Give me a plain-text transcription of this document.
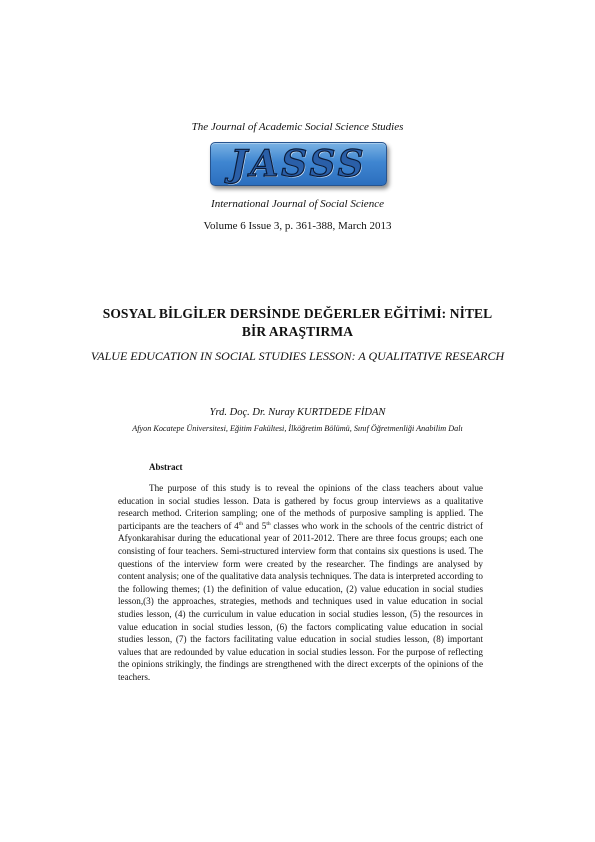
The Journal of Academic Social Science Studies
JASSS
International Journal of Social Science
Volume 6 Issue 3, p. 361-388, March 2013
SOSYAL BİLGİLER DERSİNDE DEĞERLER EĞİTİMİ: NİTEL BİR ARAŞTIRMA
VALUE EDUCATION IN SOCIAL STUDIES LESSON: A QUALITATIVE RESEARCH
Yrd. Doç. Dr. Nuray KURTDEDE FİDAN
Afyon Kocatepe Üniversitesi, Eğitim Fakültesi, İlköğretim Bölümü, Sınıf Öğretmenliği Anabilim Dalı
Abstract

The purpose of this study is to reveal the opinions of the class teachers about value education in social studies lesson. Data is gathered by focus group interviews as a qualitative research method. Criterion sampling; one of the methods of purposive sampling is applied. The participants are the teachers of 4th and 5th classes who work in the schools of the centric district of Afyonkarahisar during the educational year of 2011-2012. There are three focus groups; each one consisting of four teachers. Semi-structured interview form that contains six questions is used. The questions of the interview form were created by the researcher. The findings are analysed by content analysis; one of the qualitative data analysis techniques. The data is interpreted according to the following themes; (1) the definition of value education, (2) value education in social studies lesson,(3) the approaches, strategies, methods and techniques used in value education in social studies lesson, (4) the curriculum in value education in social studies lesson, (5) the resources in value education in social studies lesson, (6) the factors complicating value education in social studies lesson, (7) the factors facilitating value education in social studies lesson, (8) important values that are redounded by value education in social studies lesson. For the purpose of reflecting the opinions strikingly, the findings are strengthened with the direct excerpts of the opinions of the teachers.
